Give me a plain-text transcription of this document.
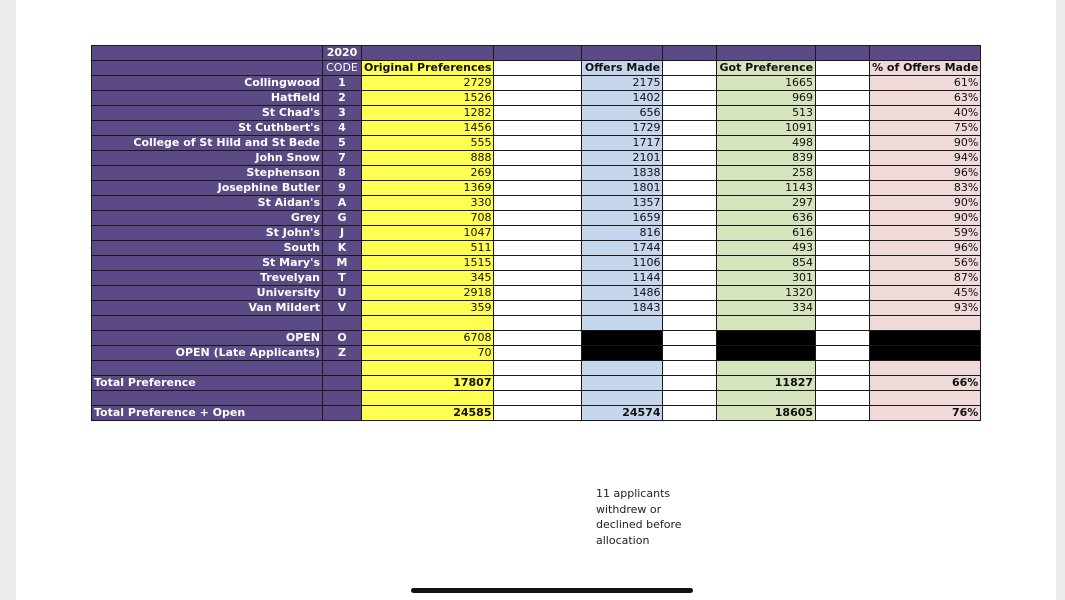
	2020							
	CODE	Original Preferences		Offers Made		Got Preference		% of Offers Made
Collingwood	1	2729		2175		1665		61%
Hatfield	2	1526		1402		969		63%
St Chad's	3	1282		656		513		40%
St Cuthbert's	4	1456		1729		1091		75%
College of St Hild and St Bede	5	555		1717		498		90%
John Snow	7	888		2101		839		94%
Stephenson	8	269		1838		258		96%
Josephine Butler	9	1369		1801		1143		83%
St Aidan's	A	330		1357		297		90%
Grey	G	708		1659		636		90%
St John's	J	1047		816		616		59%
South	K	511		1744		493		96%
St Mary's	M	1515		1106		854		56%
Trevelyan	T	345		1144		301		87%
University	U	2918		1486		1320		45%
Van Mildert	V	359		1843		334		93%

OPEN	O	6708						
OPEN (Late Applicants)	Z	70						

Total Preference		17807				11827		66%

Total Preference + Open		24585		24574		18605		76%
11 applicants withdrew or declined before allocation
